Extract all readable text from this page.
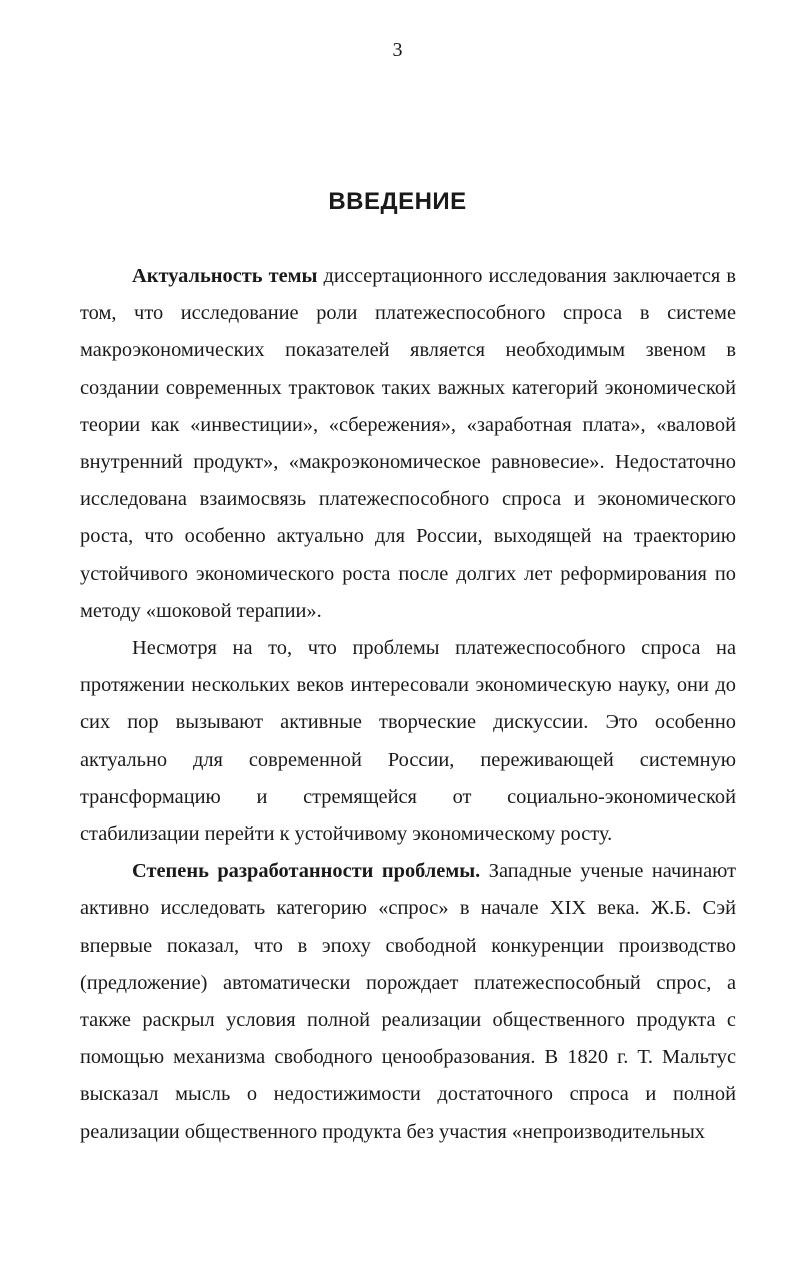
3
ВВЕДЕНИЕ

Актуальность темы диссертационного исследования заключается в том, что исследование роли платежеспособного спроса в системе макроэкономических показателей является необходимым звеном в создании современных трактовок таких важных категорий экономической теории как «инвестиции», «сбережения», «заработная плата», «валовой внутренний продукт», «макроэкономическое равновесие». Недостаточно исследована взаимосвязь платежеспособного спроса и экономического роста, что особенно актуально для России, выходящей на траекторию устойчивого экономического роста после долгих лет реформирования по методу «шоковой терапии».

Несмотря на то, что проблемы платежеспособного спроса на протяжении нескольких веков интересовали экономическую науку, они до сих пор вызывают активные творческие дискуссии. Это особенно актуально для современной России, переживающей системную трансформацию и стремящейся от социально-экономической стабилизации перейти к устойчивому экономическому росту.

Степень разработанности проблемы. Западные ученые начинают активно исследовать категорию «спрос» в начале XIX века. Ж.Б. Сэй впервые показал, что в эпоху свободной конкуренции производство (предложение) автоматически порождает платежеспособный спрос, а также раскрыл условия полной реализации общественного продукта с помощью механизма свободного ценообразования. В 1820 г. Т. Мальтус высказал мысль о недостижимости достаточного спроса и полной реализации общественного продукта без участия «непроизводительных
